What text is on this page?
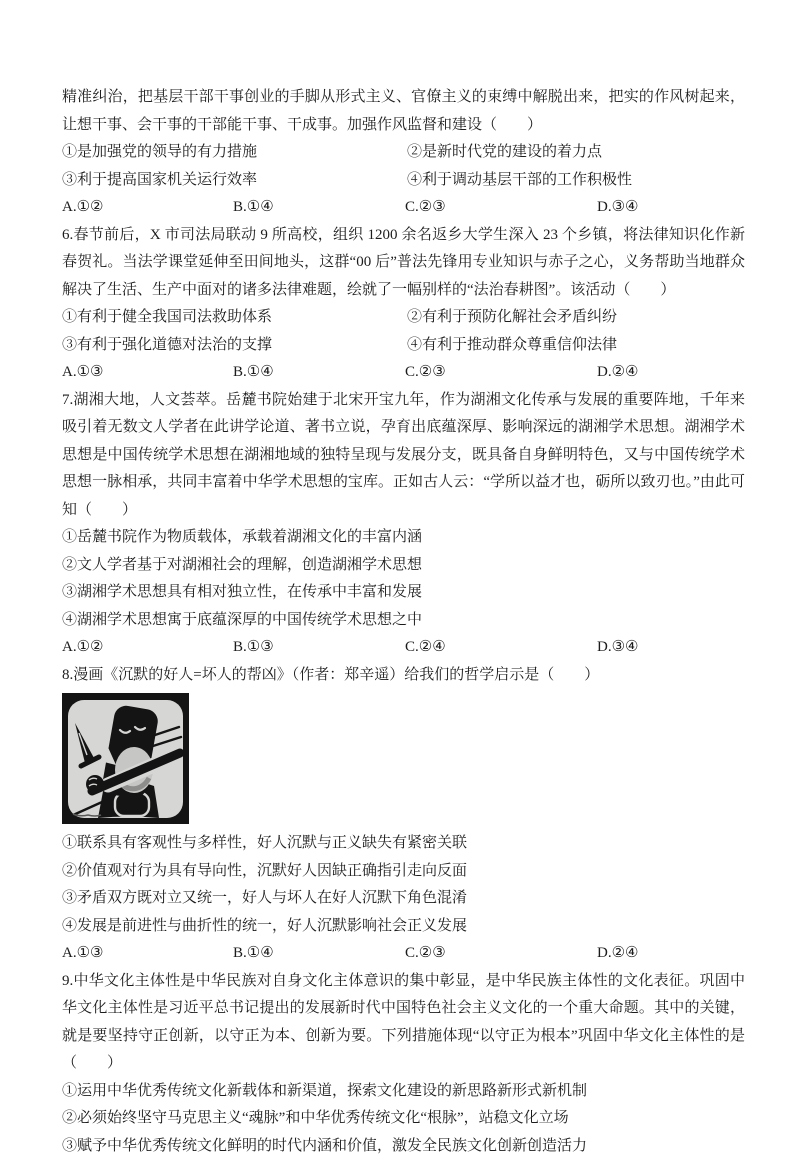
精准纠治，把基层干部干事创业的手脚从形式主义、官僚主义的束缚中解脱出来，把实的作风树起来，让想干事、会干事的干部能干事、干成事。加强作风监督和建设（　　）

①是加强党的领导的有力措施	②是新时代党的建设的着力点
③利于提高国家机关运行效率	④利于调动基层干部的工作积极性
A.①②	B.①④	C.②③	D.③④

6.春节前后，X 市司法局联动 9 所高校，组织 1200 余名返乡大学生深入 23 个乡镇，将法律知识化作新春贺礼。当法学课堂延伸至田间地头，这群“00 后”普法先锋用专业知识与赤子之心，义务帮助当地群众解决了生活、生产中面对的诸多法律难题，绘就了一幅别样的“法治春耕图”。该活动（　　）

①有利于健全我国司法救助体系	②有利于预防化解社会矛盾纠纷
③有利于强化道德对法治的支撑	④有利于推动群众尊重信仰法律
A.①③	B.①④	C.②③	D.②④

7.湖湘大地，人文荟萃。岳麓书院始建于北宋开宝九年，作为湖湘文化传承与发展的重要阵地，千年来吸引着无数文人学者在此讲学论道、著书立说，孕育出底蕴深厚、影响深远的湖湘学术思想。湖湘学术思想是中国传统学术思想在湖湘地域的独特呈现与发展分支，既具备自身鲜明特色，又与中国传统学术思想一脉相承，共同丰富着中华学术思想的宝库。正如古人云：“学所以益才也，砺所以致刃也。”由此可知（　　）

①岳麓书院作为物质载体，承载着湖湘文化的丰富内涵

②文人学者基于对湖湘社会的理解，创造湖湘学术思想

③湖湘学术思想具有相对独立性，在传承中丰富和发展

④湖湘学术思想寓于底蕴深厚的中国传统学术思想之中

A.①②	B.①③	C.②④	D.③④

8.漫画《沉默的好人=坏人的帮凶》（作者：郑辛遥）给我们的哲学启示是（　　）

①联系具有客观性与多样性，好人沉默与正义缺失有紧密关联

②价值观对行为具有导向性，沉默好人因缺正确指引走向反面

③矛盾双方既对立又统一，好人与坏人在好人沉默下角色混淆

④发展是前进性与曲折性的统一，好人沉默影响社会正义发展

A.①③	B.①④	C.②③	D.②④

9.中华文化主体性是中华民族对自身文化主体意识的集中彰显，是中华民族主体性的文化表征。巩固中华文化主体性是习近平总书记提出的发展新时代中国特色社会主义文化的一个重大命题。其中的关键，就是要坚持守正创新，以守正为本、创新为要。下列措施体现“以守正为根本”巩固中华文化主体性的是（　　）

①运用中华优秀传统文化新载体和新渠道，探索文化建设的新思路新形式新机制

②必须始终坚守马克思主义“魂脉”和中华优秀传统文化“根脉”，站稳文化立场

③赋予中华优秀传统文化鲜明的时代内涵和价值，激发全民族文化创新创造活力
